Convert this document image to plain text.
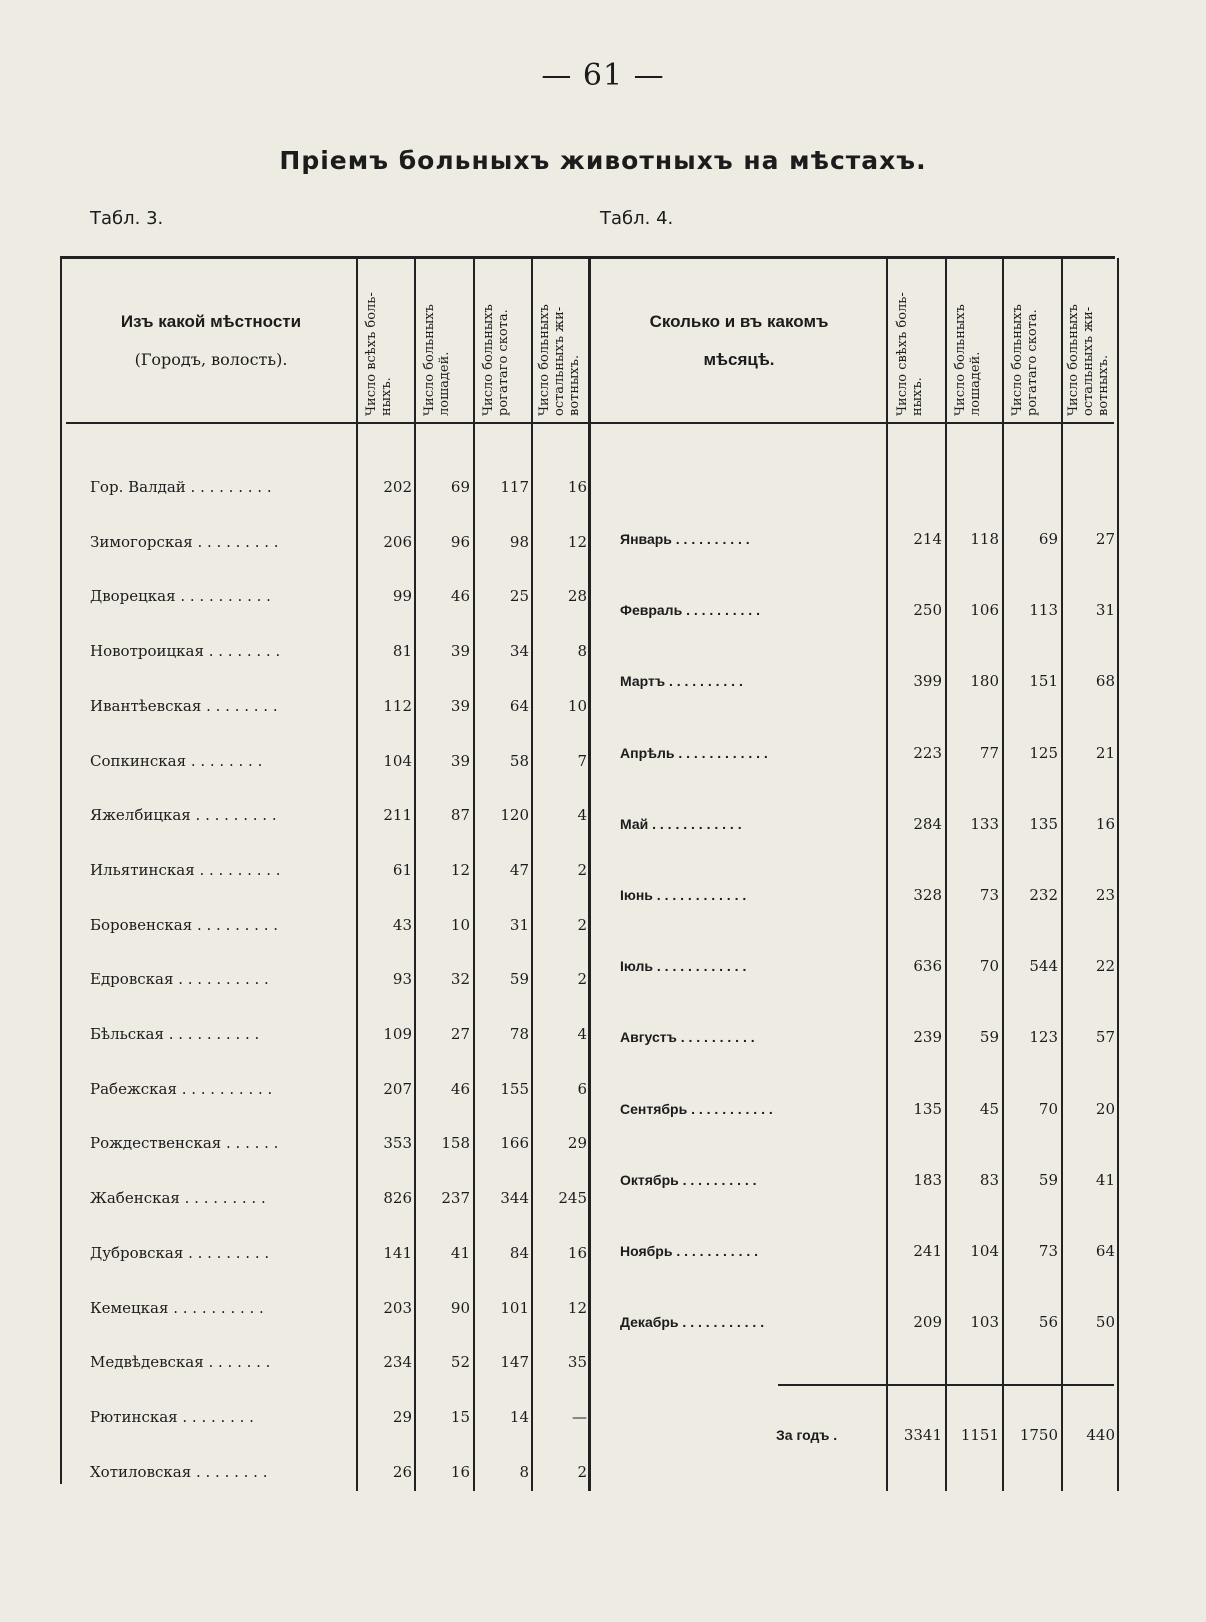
— 61 —
Пріемъ больныхъ животныхъ на мѣстахъ.
Табл. 3.	Табл. 4.
Изъ какой мѣстности
(Городъ, волость).	Число всѣхъ боль-ныхъ.	Число больныхъ лошадей.	Число больныхъ рогатаго скота.	Число больныхъ остальныхъ жи-вотныхъ.
Сколько и въ какомъ
мѣсяцѣ.	Число свѣхъ боль-ныхъ.	Число больныхъ лошадей.	Число больныхъ рогатаго скота.	Число больныхъ остальныхъ жи-вотныхъ.
Гор. Валдай . . . . . . . . .	202	69	117	16
Зимогорская . . . . . . . . .	206	96	98	12
Дворецкая . . . . . . . . . .	99	46	25	28
Новотроицкая . . . . . . . .	81	39	34	8
Ивантѣевская . . . . . . . .	112	39	64	10
Сопкинская . . . . . . . .	104	39	58	7
Яжелбицкая . . . . . . . . .	211	87	120	4
Ильятинская . . . . . . . . .	61	12	47	2
Боровенская . . . . . . . . .	43	10	31	2
Едровская . . . . . . . . . .	93	32	59	2
Бѣльская . . . . . . . . . .	109	27	78	4
Рабежская . . . . . . . . . .	207	46	155	6
Рождественская . . . . . .	353	158	166	29
Жабенская . . . . . . . . .	826	237	344	245
Дубровская . . . . . . . . .	141	41	84	16
Кемецкая . . . . . . . . . .	203	90	101	12
Медвѣдевская . . . . . . .	234	52	147	35
Рютинская . . . . . . . .	29	15	14	—
Хотиловская . . . . . . . .	26	16	8	2
Январь . . . . . . . . . .	214	118	69	27
Февраль . . . . . . . . . .	250	106	113	31
Мартъ . . . . . . . . . .	399	180	151	68
Апрѣль . . . . . . . . . . . .	223	77	125	21
Май . . . . . . . . . . . .	284	133	135	16
Іюнь . . . . . . . . . . . .	328	73	232	23
Іюль . . . . . . . . . . . .	636	70	544	22
Августъ . . . . . . . . . .	239	59	123	57
Сентябрь . . . . . . . . . . .	135	45	70	20
Октябрь . . . . . . . . . .	183	83	59	41
Ноябрь . . . . . . . . . . .	241	104	73	64
Декабрь . . . . . . . . . . .	209	103	56	50
За годъ .	3341	1151	1750	440
